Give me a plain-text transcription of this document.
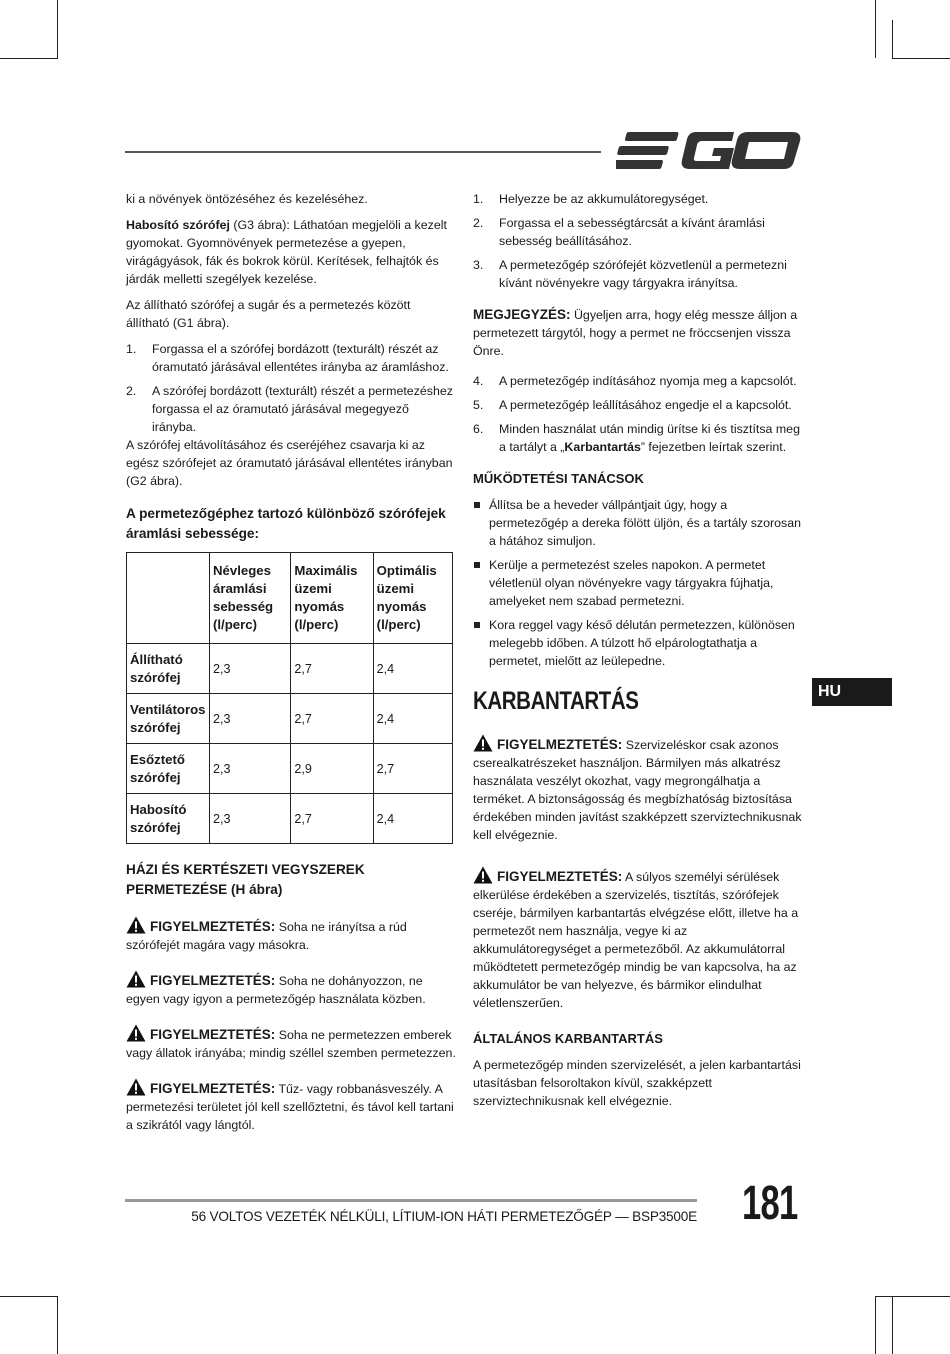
ki a növények öntözéséhez és kezeléséhez.

Habosító szórófej (G3 ábra): Láthatóan megjelöli a kezelt gyomokat. Gyomnövények permetezése a gyepen, virágágyások, fák és bokrok körül. Kerítések, felhajtók és járdák melletti szegélyek kezelése.

Az állítható szórófej a sugár és a permetezés között állítható (G1 ábra).

1. Forgassa el a szórófej bordázott (texturált) részét az óramutató járásával ellentétes irányba az áramláshoz.
2. A szórófej bordázott (texturált) részét a permetezéshez forgassa el az óramutató járásával megegyező irányba.

A szórófej eltávolításához és cseréjéhez csavarja ki az egész szórófejet az óramutató járásával ellentétes irányban (G2 ábra).

A permetezőgéphez tartozó különböző szórófejek áramlási sebessége:
	Névleges áramlási sebesség (l/perc)	Maximális üzemi nyomás (l/perc)	Optimális üzemi nyomás (l/perc)
Állítható szórófej	2,3	2,7	2,4
Ventilátoros szórófej	2,3	2,7	2,4
Esőztető szórófej	2,3	2,9	2,7
Habosító szórófej	2,3	2,7	2,4
HÁZI ÉS KERTÉSZETI VEGYSZEREK PERMETEZÉSE (H ábra)

FIGYELMEZTETÉS: Soha ne irányítsa a rúd szórófejét magára vagy másokra.

FIGYELMEZTETÉS: Soha ne dohányozzon, ne egyen vagy igyon a permetezőgép használata közben.

FIGYELMEZTETÉS: Soha ne permetezzen emberek vagy állatok irányába; mindig széllel szemben permetezzen.

FIGYELMEZTETÉS: Tűz- vagy robbanásveszély. A permetezési területet jól kell szellőztetni, és távol kell tartani a szikrától vagy lángtól.

1. Helyezze be az akkumulátoregységet.
2. Forgassa el a sebességtárcsát a kívánt áramlási sebesség beállításához.
3. A permetezőgép szórófejét közvetlenül a permetezni kívánt növényekre vagy tárgyakra irányítsa.

MEGJEGYZÉS: Ügyeljen arra, hogy elég messze álljon a permetezett tárgytól, hogy a permet ne fröccsenjen vissza Önre.

4. A permetezőgép indításához nyomja meg a kapcsolót.
5. A permetezőgép leállításához engedje el a kapcsolót.
6. Minden használat után mindig ürítse ki és tisztítsa meg a tartályt a „Karbantartás” fejezetben leírtak szerint.
MŰKÖDTETÉSI TANÁCSOK
Állítsa be a heveder vállpántjait úgy, hogy a permetezőgép a dereka fölött üljön, és a tartály szorosan a hátához simuljon.
Kerülje a permetezést szeles napokon. A permetet véletlenül olyan növényekre vagy tárgyakra fújhatja, amelyeket nem szabad permetezni.
Kora reggel vagy késő délután permetezzen, különösen melegebb időben. A túlzott hő elpárologtathatja a permetet, mielőtt az leülepedne.
KARBANTARTÁS

FIGYELMEZTETÉS: Szervizeléskor csak azonos cserealkatrészeket használjon. Bármilyen más alkatrész használata veszélyt okozhat, vagy megrongálhatja a terméket. A biztonságosság és megbízhatóság biztosítása érdekében minden javítást szakképzett szerviztechnikusnak kell elvégeznie.

FIGYELMEZTETÉS: A súlyos személyi sérülések elkerülése érdekében a szervizelés, tisztítás, szórófejek cseréje, bármilyen karbantartás elvégzése előtt, illetve ha a permetezőt nem használja, vegye ki az akkumulátoregységet a permetezőből. Az akkumulátorral működtetett permetezőgép mindig be van kapcsolva, ha az akkumulátor be van helyezve, és bármikor elindulhat véletlenszerűen.

ÁLTALÁNOS KARBANTARTÁS

A permetezőgép minden szervizelését, a jelen karbantartási utasításban felsoroltakon kívül, szakképzett szerviztechnikusnak kell elvégeznie.

HU
56 VOLTOS VEZETÉK NÉLKÜLI, LÍTIUM-ION HÁTI PERMETEZŐGÉP — BSP3500E 181
